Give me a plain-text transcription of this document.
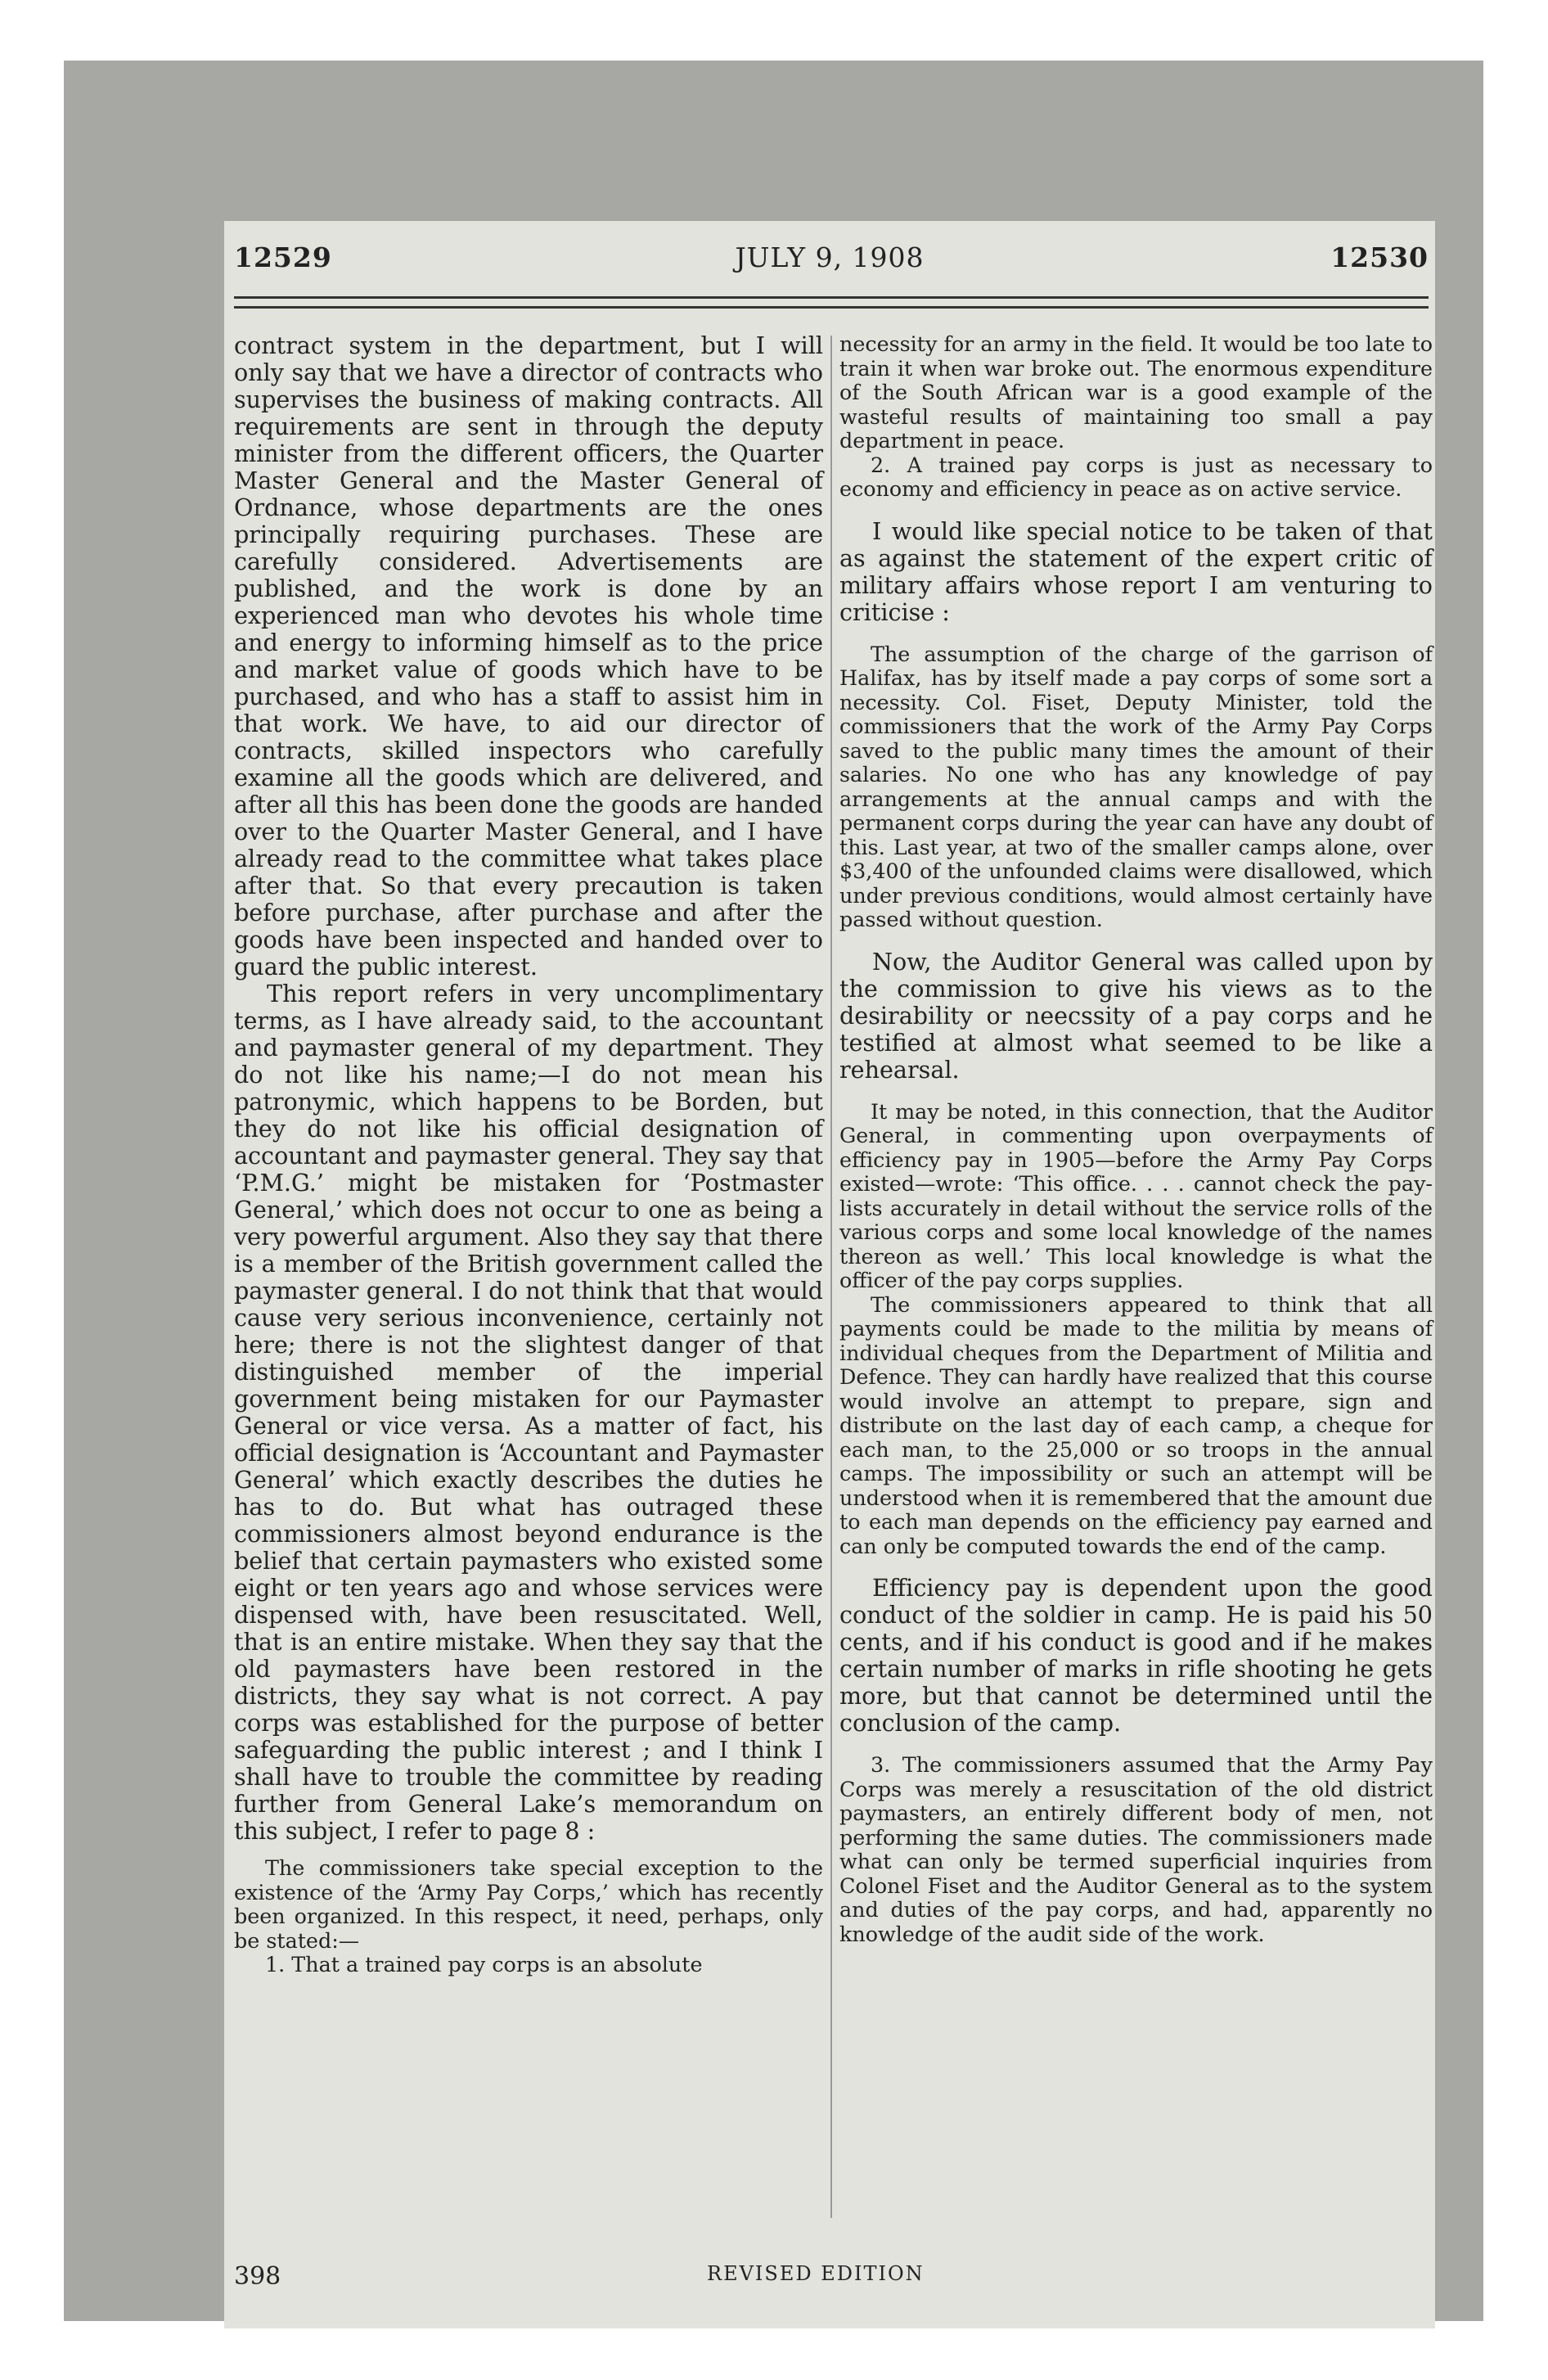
12529	JULY 9, 1908	12530

contract system in the department, but I will only say that we have a director of contracts who supervises the business of making contracts. All requirements are sent in through the deputy minister from the different officers, the Quarter Master General and the Master General of Ordnance, whose departments are the ones principally requiring purchases. These are carefully considered. Advertisements are published, and the work is done by an experienced man who devotes his whole time and energy to informing himself as to the price and market value of goods which have to be purchased, and who has a staff to assist him in that work. We have, to aid our director of contracts, skilled inspectors who carefully examine all the goods which are delivered, and after all this has been done the goods are handed over to the Quarter Master General, and I have already read to the committee what takes place after that. So that every precaution is taken before purchase, after purchase and after the goods have been inspected and handed over to guard the public interest.

This report refers in very uncomplimentary terms, as I have already said, to the accountant and paymaster general of my department. They do not like his name;—I do not mean his patronymic, which happens to be Borden, but they do not like his official designation of accountant and paymaster general. They say that ‘P.M.G.’ might be mistaken for ‘Postmaster General,’ which does not occur to one as being a very powerful argument. Also they say that there is a member of the British government called the paymaster general. I do not think that that would cause very serious inconvenience, certainly not here; there is not the slightest danger of that distinguished member of the imperial government being mistaken for our Paymaster General or vice versa. As a matter of fact, his official designation is ‘Accountant and Paymaster General’ which exactly describes the duties he has to do. But what has outraged these commissioners almost beyond endurance is the belief that certain paymasters who existed some eight or ten years ago and whose services were dispensed with, have been resuscitated. Well, that is an entire mistake. When they say that the old paymasters have been restored in the districts, they say what is not correct. A pay corps was established for the purpose of better safeguarding the public interest ; and I think I shall have to trouble the committee by reading further from General Lake’s memorandum on this subject, I refer to page 8 :

The commissioners take special exception to the existence of the ‘Army Pay Corps,’ which has recently been organized. In this respect, it need, perhaps, only be stated:—

1. That a trained pay corps is an absolute

necessity for an army in the field. It would be too late to train it when war broke out. The enormous expenditure of the South African war is a good example of the wasteful results of maintaining too small a pay department in peace.

2. A trained pay corps is just as necessary to economy and efficiency in peace as on active service.

I would like special notice to be taken of that as against the statement of the expert critic of military affairs whose report I am venturing to criticise :

The assumption of the charge of the garrison of Halifax, has by itself made a pay corps of some sort a necessity. Col. Fiset, Deputy Minister, told the commissioners that the work of the Army Pay Corps saved to the public many times the amount of their salaries. No one who has any knowledge of pay arrangements at the annual camps and with the permanent corps during the year can have any doubt of this. Last year, at two of the smaller camps alone, over $3,400 of the unfounded claims were disallowed, which under previous conditions, would almost certainly have passed without question.

Now, the Auditor General was called upon by the commission to give his views as to the desirability or neecssity of a pay corps and he testified at almost what seemed to be like a rehearsal.

It may be noted, in this connection, that the Auditor General, in commenting upon overpayments of efficiency pay in 1905—before the Army Pay Corps existed—wrote: ‘This office. . . . cannot check the pay-lists accurately in detail without the service rolls of the various corps and some local knowledge of the names thereon as well.’ This local knowledge is what the officer of the pay corps supplies.

The commissioners appeared to think that all payments could be made to the militia by means of individual cheques from the Department of Militia and Defence. They can hardly have realized that this course would involve an attempt to prepare, sign and distribute on the last day of each camp, a cheque for each man, to the 25,000 or so troops in the annual camps. The impossibility or such an attempt will be understood when it is remembered that the amount due to each man depends on the efficiency pay earned and can only be computed towards the end of the camp.

Efficiency pay is dependent upon the good conduct of the soldier in camp. He is paid his 50 cents, and if his conduct is good and if he makes certain number of marks in rifle shooting he gets more, but that cannot be determined until the conclusion of the camp.

3. The commissioners assumed that the Army Pay Corps was merely a resuscitation of the old district paymasters, an entirely different body of men, not performing the same duties. The commissioners made what can only be termed superficial inquiries from Colonel Fiset and the Auditor General as to the system and duties of the pay corps, and had, apparently no knowledge of the audit side of the work.

398	REVISED EDITION
